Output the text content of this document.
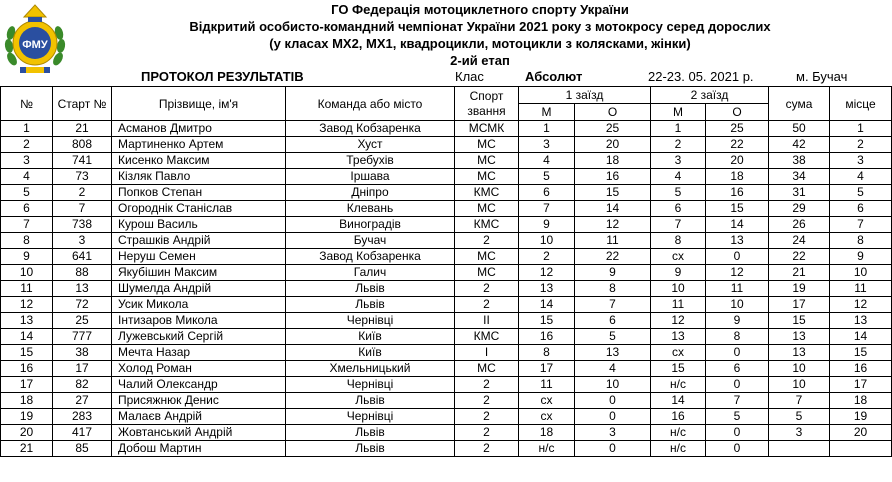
ФМУ
ГО Федерація мотоциклетного спорту України
Відкритий особисто-командний чемпіонат України 2021 року з мотокросу серед дорослих
(у класах МХ2, МХ1, квадроцикли, мотоцикли з колясками, жінки)
2-ий етап
ПРОТОКОЛ РЕЗУЛЬТАТІВ	Клас	Абсолют	22-23. 05. 2021 р.	м. Бучач
№	Старт №	Прізвище, ім'я	Команда або місто	Спорт звання	1 заїзд		2 заїзд		сума	місце
					М	О	М	О		
1	21	Асманов Дмитро	Завод Кобзаренка	МСМК	1	25	1	25	50	1
2	808	Мартиненко Артем	Хуст	МС	3	20	2	22	42	2
3	741	Кисенко Максим	Требухів	МС	4	18	3	20	38	3
4	73	Кізляк Павло	Іршава	МС	5	16	4	18	34	4
5	2	Попков Степан	Дніпро	КМС	6	15	5	16	31	5
6	7	Огороднік Станіслав	Клевань	МС	7	14	6	15	29	6
7	738	Курош Василь	Виноградів	КМС	9	12	7	14	26	7
8	3	Страшків Андрій	Бучач	2	10	11	8	13	24	8
9	641	Неруш Семен	Завод Кобзаренка	МС	2	22	сх	0	22	9
10	88	Якубішин Максим	Галич	МС	12	9	9	12	21	10
11	13	Шумелда Андрій	Львів	2	13	8	10	11	19	11
12	72	Усик Микола	Львів	2	14	7	11	10	17	12
13	25	Інтизаров Микола	Чернівці	ІІ	15	6	12	9	15	13
14	777	Лужевський Сергій	Київ	КМС	16	5	13	8	13	14
15	38	Мечта Назар	Київ	І	8	13	сх	0	13	15
16	17	Холод Роман	Хмельницький	МС	17	4	15	6	10	16
17	82	Чалий Олександр	Чернівці	2	11	10	н/с	0	10	17
18	27	Присяжнюк Денис	Львів	2	сх	0	14	7	7	18
19	283	Малаєв Андрій	Чернівці	2	сх	0	16	5	5	19
20	417	Жовтанський Андрій	Львів	2	18	3	н/с	0	3	20
21	85	Добош Мартин	Львів	2	н/с	0	н/с	0		
